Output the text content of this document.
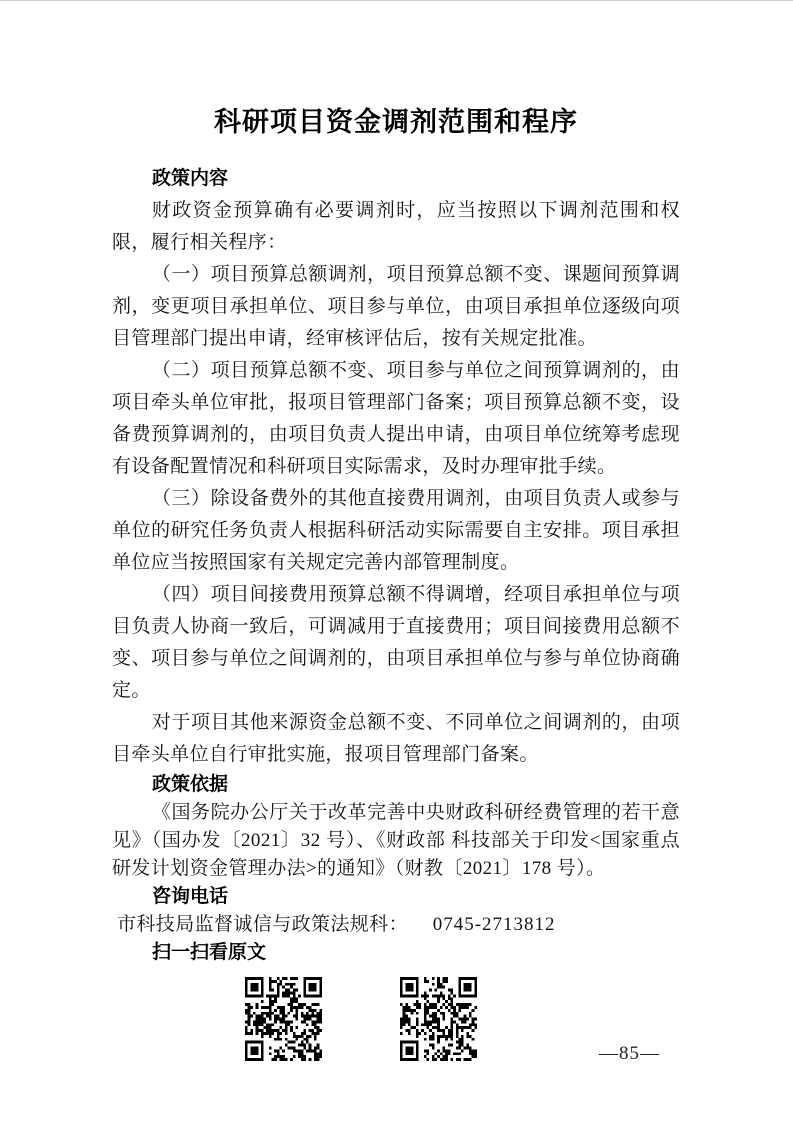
科研项目资金调剂范围和程序
政策内容

财政资金预算确有必要调剂时，应当按照以下调剂范围和权限，履行相关程序：

（一）项目预算总额调剂，项目预算总额不变、课题间预算调剂，变更项目承担单位、项目参与单位，由项目承担单位逐级向项目管理部门提出申请，经审核评估后，按有关规定批准。

（二）项目预算总额不变、项目参与单位之间预算调剂的，由项目牵头单位审批，报项目管理部门备案；项目预算总额不变，设备费预算调剂的，由项目负责人提出申请，由项目单位统筹考虑现有设备配置情况和科研项目实际需求，及时办理审批手续。

（三）除设备费外的其他直接费用调剂，由项目负责人或参与单位的研究任务负责人根据科研活动实际需要自主安排。项目承担单位应当按照国家有关规定完善内部管理制度。

（四）项目间接费用预算总额不得调增，经项目承担单位与项目负责人协商一致后，可调减用于直接费用；项目间接费用总额不变、项目参与单位之间调剂的，由项目承担单位与参与单位协商确定。

对于项目其他来源资金总额不变、不同单位之间调剂的，由项目牵头单位自行审批实施，报项目管理部门备案。

政策依据

《国务院办公厅关于改革完善中央财政科研经费管理的若干意见》（国办发〔2021〕32 号）、《财政部 科技部关于印发<国家重点研发计划资金管理办法>的通知》（财教〔2021〕178 号）。

咨询电话

市科技局监督诚信与政策法规科： 0745-2713812

扫一扫看原文
—85—
